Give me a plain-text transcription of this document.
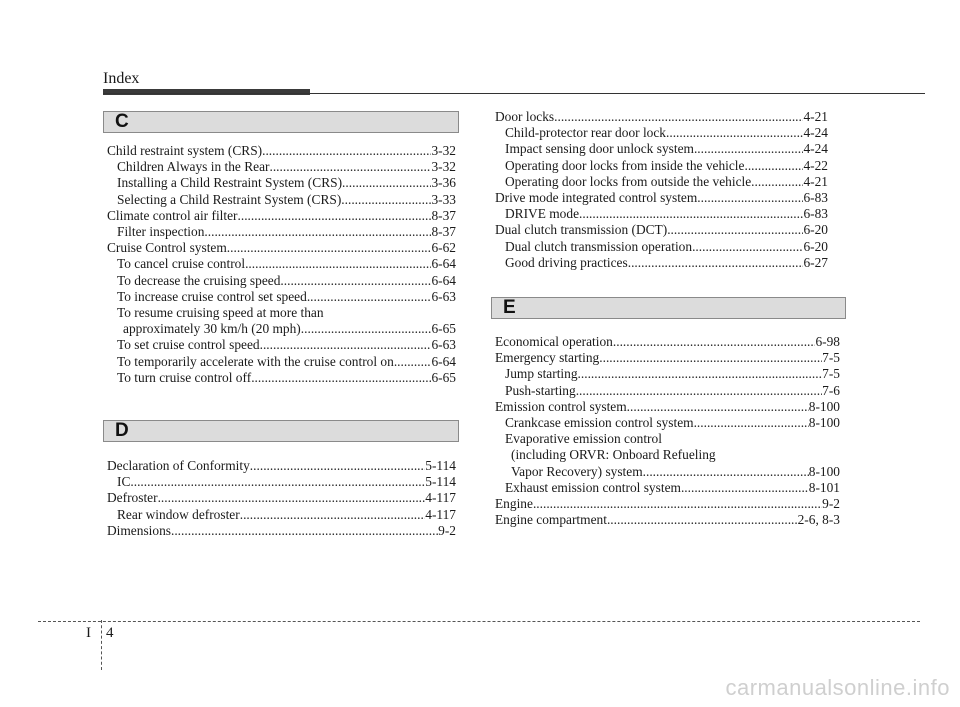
Index
C
Child restraint system (CRS) .....	3-32
Children Always in the Rear .....	3-32
Installing a Child Restraint System (CRS) .....	3-36
Selecting a Child Restraint System (CRS) .....	3-33
Climate control air filter .....	8-37
Filter inspection .....	8-37
Cruise Control system .....	6-62
To cancel cruise control .....	6-64
To decrease the cruising speed .....	6-64
To increase cruise control set speed .....	6-63
To resume cruising speed at more than
approximately 30 km/h (20 mph) .....	6-65
To set cruise control speed .....	6-63
To temporarily accelerate with the cruise control on .....	6-64
To turn cruise control off .....	6-65
D
Declaration of Conformity .....	5-114
IC .....	5-114
Defroster .....	4-117
Rear window defroster .....	4-117
Dimensions .....	9-2
Door locks .....	4-21
Child-protector rear door lock .....	4-24
Impact sensing door unlock system .....	4-24
Operating door locks from inside the vehicle .....	4-22
Operating door locks from outside the vehicle .....	4-21
Drive mode integrated control system .....	6-83
DRIVE mode .....	6-83
Dual clutch transmission (DCT) .....	6-20
Dual clutch transmission operation .....	6-20
Good driving practices .....	6-27
E
Economical operation .....	6-98
Emergency starting .....	7-5
Jump starting .....	7-5
Push-starting .....	7-6
Emission control system .....	8-100
Crankcase emission control system .....	8-100
Evaporative emission control
(including ORVR: Onboard Refueling
Vapor Recovery) system .....	8-100
Exhaust emission control system .....	8-101
Engine .....	9-2
Engine compartment .....	2-6, 8-3
I 4
carmanualsonline.info
